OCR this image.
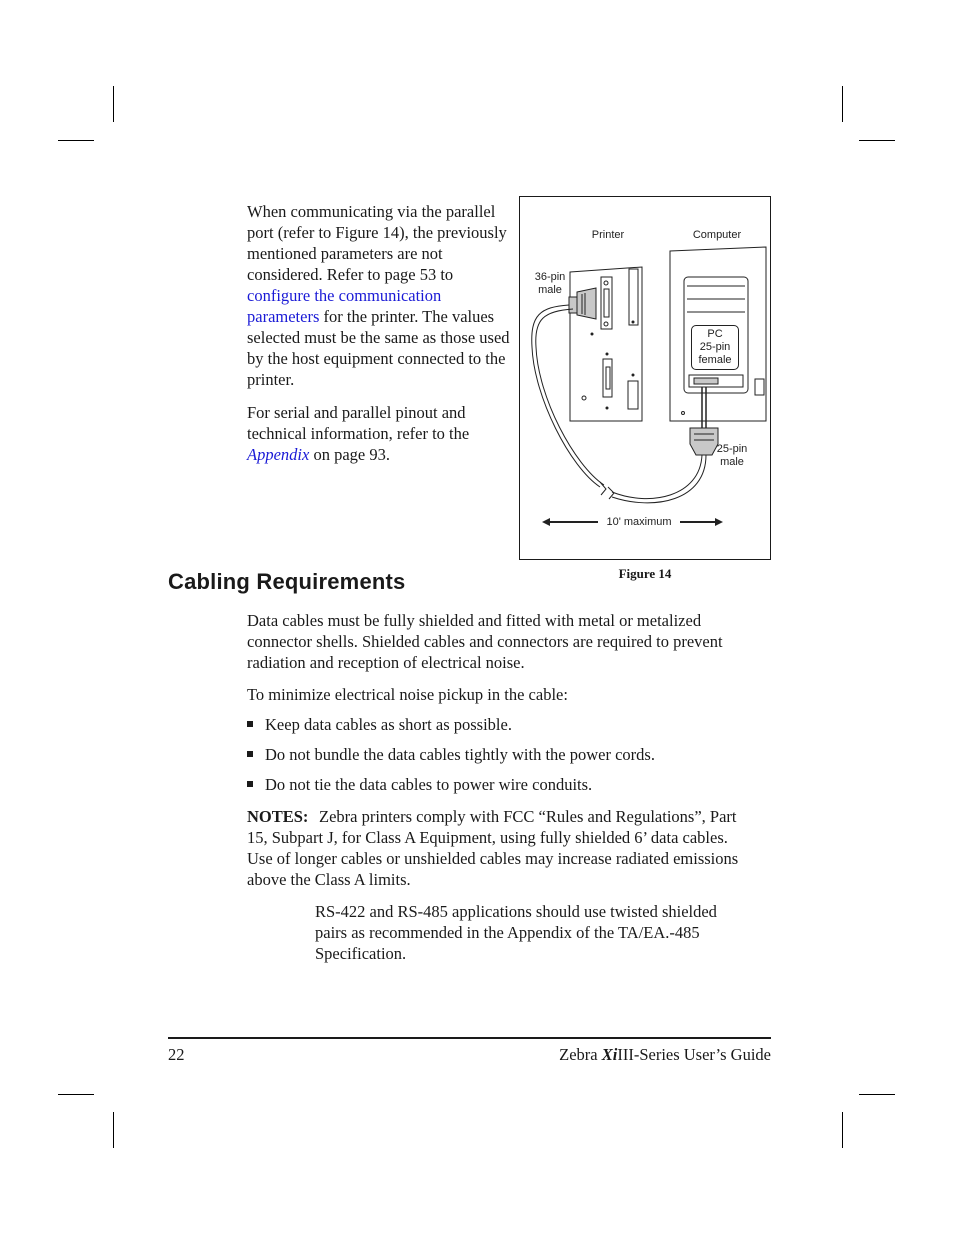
When communicating via the parallel port (refer to Figure 14), the previously mentioned parameters are not considered. Refer to page 53 to configure the communication parameters for the printer. The values selected must be the same as those used by the host equipment connected to the printer.

For serial and parallel pinout and technical information, refer to the Appendix on page 93.

Printer	Computer
36-pin
male
PC
25-pin
female
25-pin
male
10' maximum
Figure 14
Cabling Requirements

Data cables must be fully shielded and fitted with metal or metalized connector shells. Shielded cables and connectors are required to prevent radiation and reception of electrical noise.

To minimize electrical noise pickup in the cable:

Keep data cables as short as possible.
Do not bundle the data cables tightly with the power cords.
Do not tie the data cables to power wire conduits.
NOTES: Zebra printers comply with FCC “Rules and Regulations”, Part 15, Subpart J, for Class A Equipment, using fully shielded 6’ data cables. Use of longer cables or unshielded cables may increase radiated emissions above the Class A limits.

RS-422 and RS-485 applications should use twisted shielded pairs as recommended in the Appendix of the TA/EA.-485 Specification.

22	Zebra XiIII-Series User’s Guide
